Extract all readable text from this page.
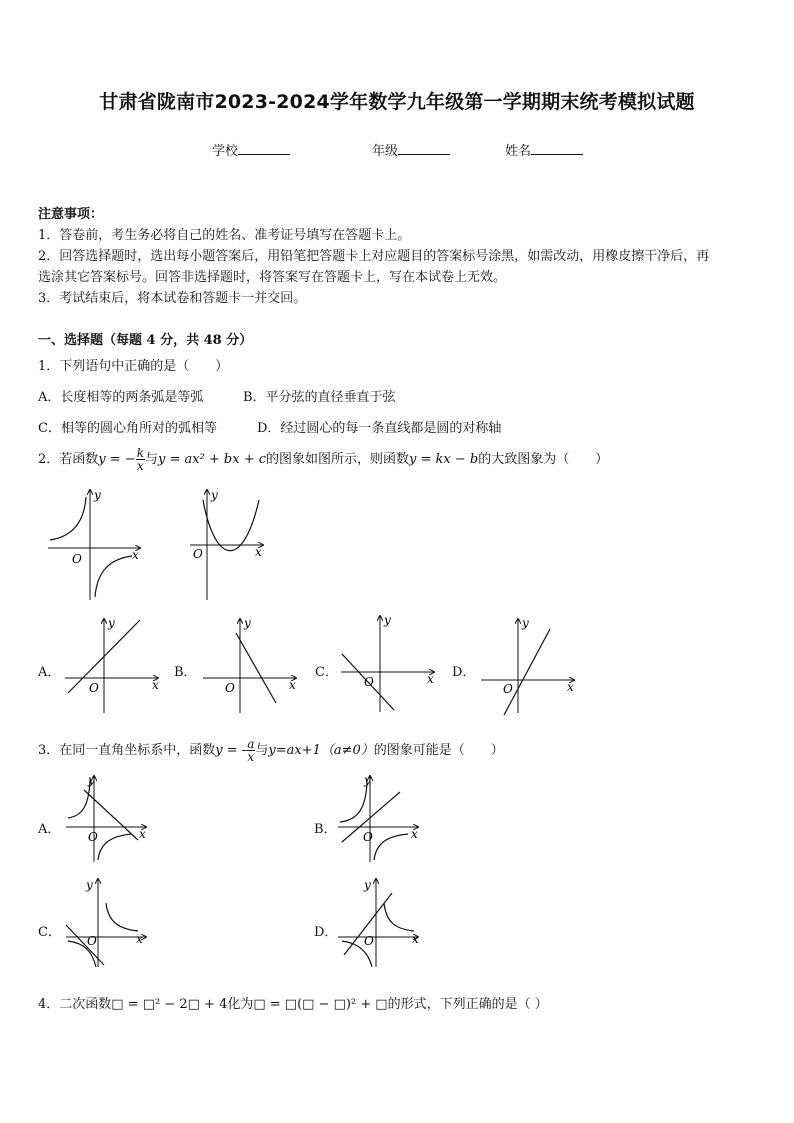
甘肃省陇南市2023-2024学年数学九年级第一学期期末统考模拟试题
学校	年级	姓名
注意事项：
1．答卷前，考生务必将自己的姓名、准考证号填写在答题卡上。
2．回答选择题时，选出每小题答案后，用铅笔把答题卡上对应题目的答案标号涂黑，如需改动，用橡皮擦干净后，再
选涂其它答案标号。回答非选择题时，将答案写在答题卡上，写在本试卷上无效。
3．考试结束后，将本试卷和答题卡一并交回。
一、选择题（每题 4 分，共 48 分）
1．下列语句中正确的是（　　）
A．长度相等的两条弧是等弧	B．平分弦的直径垂直于弦
C．相等的圆心角所对的弧相等	D．经过圆心的每一条直线都是圆的对称轴
2．若函数y = − $\frac{k}{x}$ 与y = ax² + bx + c的图象如图所示，则函数y = kx − b的大致图象为（　　）
y
x
O
y
x
O
A．
y
x
O
B．
y
x
O
C．
y
x
O
D．
y
x
O
3．在同一直角坐标系中，函数y = - $\frac{a}{x}$ 与y=ax+1（a≠0）的图象可能是（　　）
A．
y
x
O	B．
y
x
O
C．
y
x
O
D．
y
x
O
4．二次函数□ = □² − 2□ + 4化为□ = □(□ − □)² + □的形式，下列正确的是（ ）
